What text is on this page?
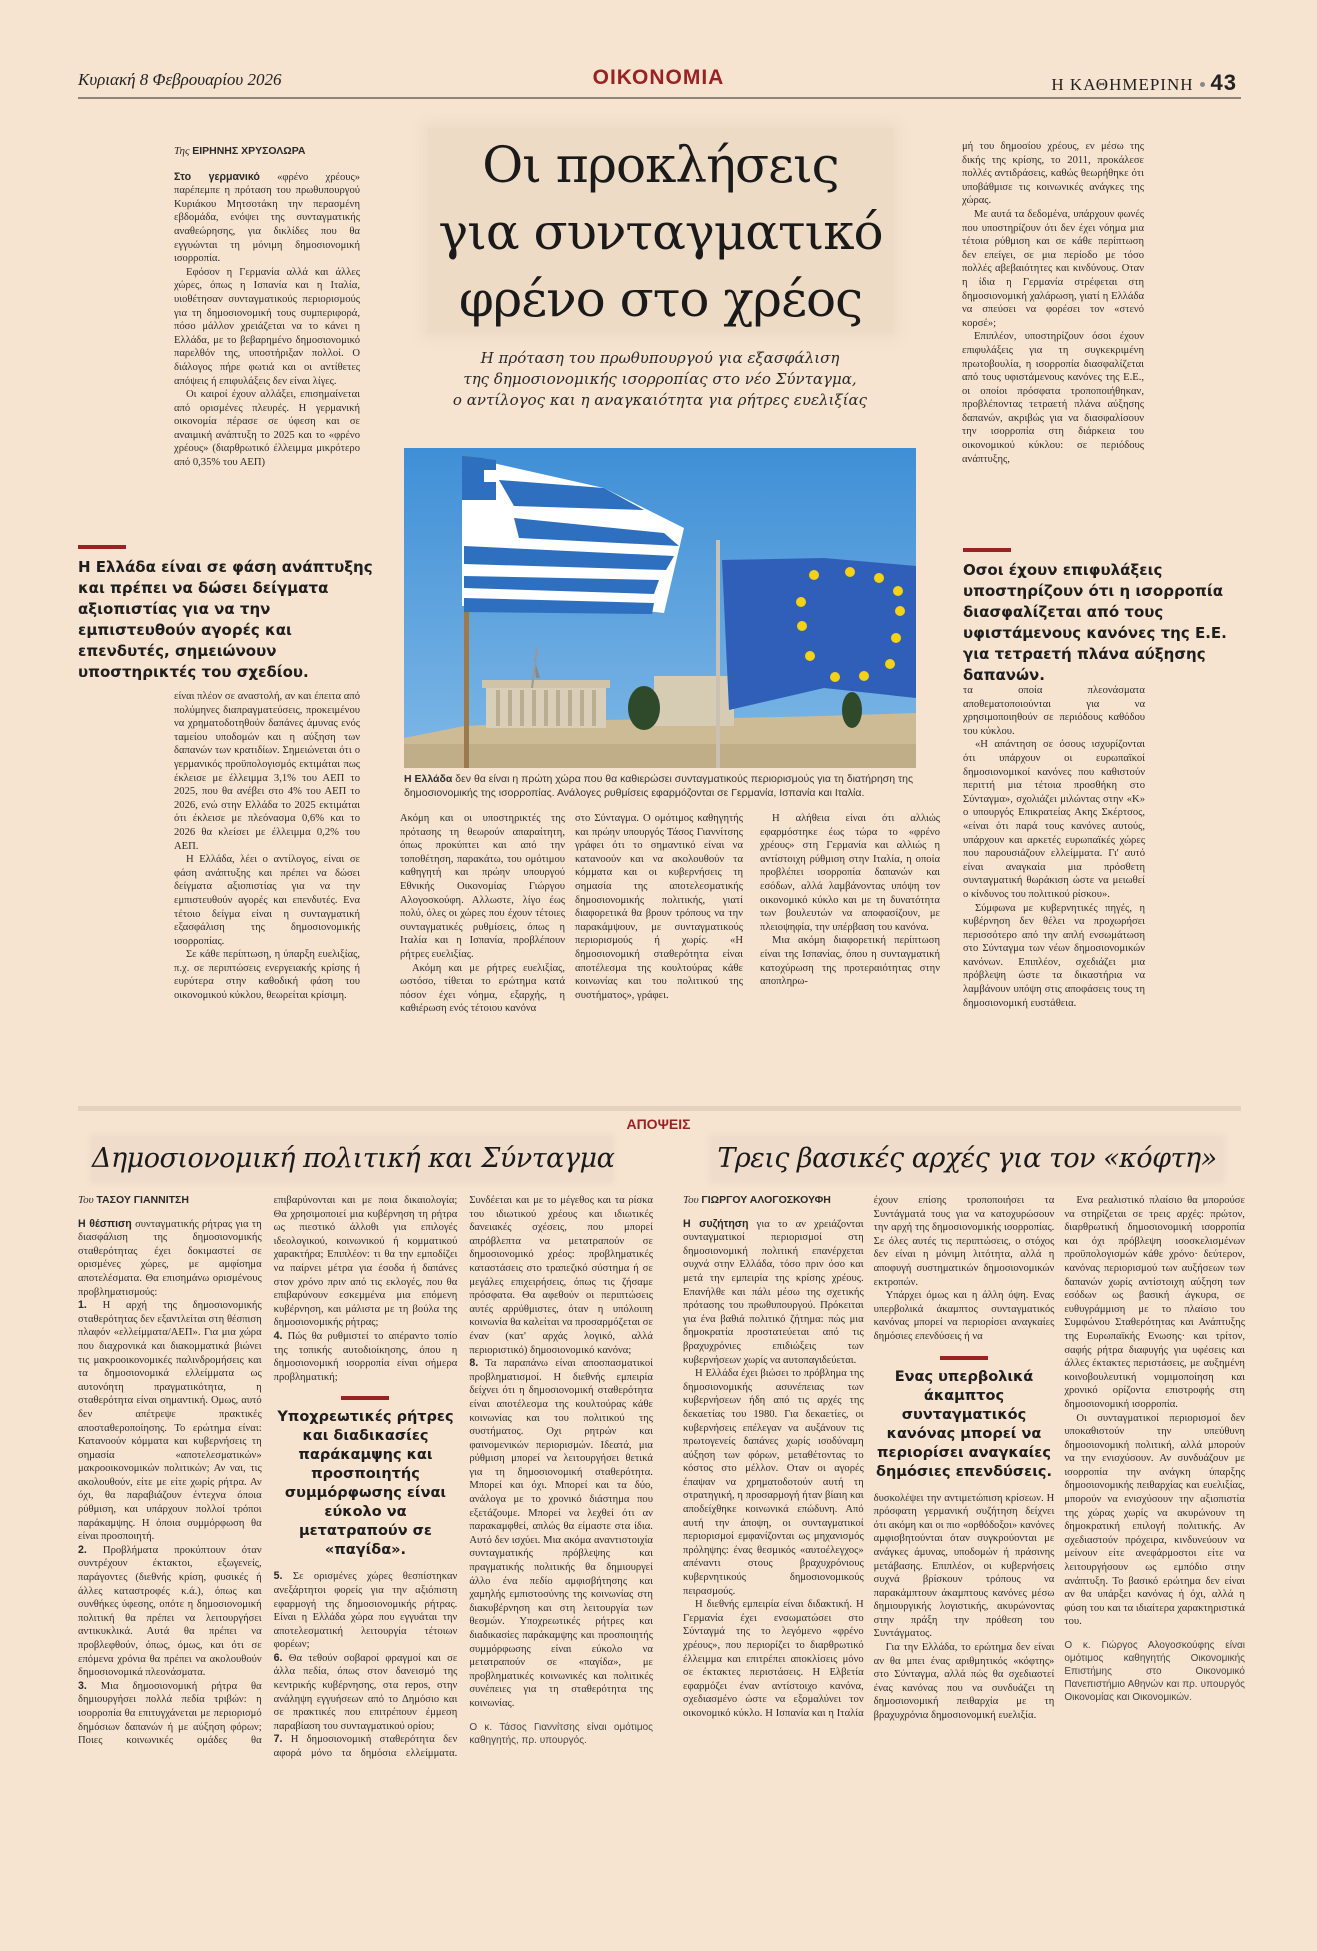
Κυριακή 8 Φεβρουαρίου 2026	ΟΙΚΟΝΟΜΙΑ	Η ΚΑΘΗΜΕΡΙΝΗ 43
Της ΕΙΡΗΝΗΣ ΧΡΥΣΟΛΩΡΑ

Στο γερμανικό «φρένο χρέους» παρέπεμπε η πρόταση του πρωθυπουργού Κυριάκου Μητσοτάκη την περασμένη εβδομάδα, ενόψει της συνταγματικής αναθεώρησης, για δικλίδες που θα εγγυώνται τη μόνιμη δημοσιονομική ισορροπία.

Εφόσον η Γερμανία αλλά και άλλες χώρες, όπως η Ισπανία και η Ιταλία, υιοθέτησαν συνταγματικούς περιορισμούς για τη δημοσιονομική τους συμπεριφορά, πόσο μάλλον χρειάζεται να το κάνει η Ελλάδα, με το βεβαρημένο δημοσιονομικό παρελθόν της, υποστήριξαν πολλοί. Ο διάλογος πήρε φωτιά και οι αντίθετες απόψεις ή επιφυλάξεις δεν είναι λίγες.

Οι καιροί έχουν αλλάξει, επισημαίνεται από ορισμένες πλευρές. Η γερμανική οικονομία πέρασε σε ύφεση και σε αναιμική ανάπτυξη το 2025 και το «φρένο χρέους» (διαρθρωτικό έλλειμμα μικρότερο από 0,35% του ΑΕΠ)

Η Ελλάδα είναι σε φάση ανάπτυξης και πρέπει να δώσει δείγματα αξιοπιστίας για να την εμπιστευθούν αγορές και επενδυτές, σημειώνουν υποστηρικτές του σχεδίου.

είναι πλέον σε αναστολή, αν και έπειτα από πολύμηνες διαπραγματεύσεις, προκειμένου να χρηματοδοτηθούν δαπάνες άμυνας ενός ταμείου υποδομών και η αύξηση των δαπανών των κρατιδίων. Σημειώνεται ότι ο γερμανικός προϋπολογισμός εκτιμάται πως έκλεισε με έλλειμμα 3,1% του ΑΕΠ το 2025, που θα ανέβει στο 4% του ΑΕΠ το 2026, ενώ στην Ελλάδα το 2025 εκτιμάται ότι έκλεισε με πλεόνασμα 0,6% και το 2026 θα κλείσει με έλλειμμα 0,2% του ΑΕΠ.

Η Ελλάδα, λέει ο αντίλογος, είναι σε φάση ανάπτυξης και πρέπει να δώσει δείγματα αξιοπιστίας για να την εμπιστευθούν αγορές και επενδυτές. Ενα τέτοιο δείγμα είναι η συνταγματική εξασφάλιση της δημοσιονομικής ισορροπίας.

Σε κάθε περίπτωση, η ύπαρξη ευελιξίας, π.χ. σε περιπτώσεις ενεργειακής κρίσης ή ευρύτερα στην καθοδική φάση του οικονομικού κύκλου, θεωρείται κρίσιμη.

Οι προκλήσεις
για συνταγματικό
φρένο στο χρέος
Η πρόταση του πρωθυπουργού για εξασφάλιση
της δημοσιονομικής ισορροπίας στο νέο Σύνταγμα,
ο αντίλογος και η αναγκαιότητα για ρήτρες ευελιξίας
Η Ελλάδα δεν θα είναι η πρώτη χώρα που θα καθιερώσει συνταγματικούς περιορισμούς για τη διατήρηση της δημοσιονομικής της ισορροπίας. Ανάλογες ρυθμίσεις εφαρμόζονται σε Γερμανία, Ισπανία και Ιταλία.

Ακόμη και οι υποστηρικτές της πρότασης τη θεωρούν απαραίτητη, όπως προκύπτει και από την τοποθέτηση, παρακάτω, του ομότιμου καθηγητή και πρώην υπουργού Εθνικής Οικονομίας Γιώργου Αλογοσκούφη. Αλλωστε, λίγο έως πολύ, όλες οι χώρες που έχουν τέτοιες συνταγματικές ρυθμίσεις, όπως η Ιταλία και η Ισπανία, προβλέπουν ρήτρες ευελιξίας.

Ακόμη και με ρήτρες ευελιξίας, ωστόσο, τίθεται το ερώτημα κατά πόσον έχει νόημα, εξαρχής, η καθιέρωση ενός τέτοιου κανόνα

στο Σύνταγμα. Ο ομότιμος καθηγητής και πρώην υπουργός Τάσος Γιαννίτσης γράφει ότι το σημαντικό είναι να κατανοούν και να ακολουθούν τα κόμματα και οι κυβερνήσεις τη σημασία της αποτελεσματικής δημοσιονομικής πολιτικής, γιατί διαφορετικά θα βρουν τρόπους να την παρακάμψουν, με συνταγματικούς περιορισμούς ή χωρίς. «Η δημοσιονομική σταθερότητα είναι αποτέλεσμα της κουλτούρας κάθε κοινωνίας και του πολιτικού της συστήματος», γράφει.

Η αλήθεια είναι ότι αλλιώς εφαρμόστηκε έως τώρα το «φρένο χρέους» στη Γερμανία και αλλιώς η αντίστοιχη ρύθμιση στην Ιταλία, η οποία προβλέπει ισορροπία δαπανών και εσόδων, αλλά λαμβάνοντας υπόψη τον οικονομικό κύκλο και με τη δυνατότητα των βουλευτών να αποφασίζουν, με πλειοψηφία, την υπέρβαση του κανόνα.

Μια ακόμη διαφορετική περίπτωση είναι της Ισπανίας, όπου η συνταγματική κατοχύρωση της προτεραιότητας στην αποπληρω-

μή του δημοσίου χρέους, εν μέσω της δικής της κρίσης, το 2011, προκάλεσε πολλές αντιδράσεις, καθώς θεωρήθηκε ότι υποβάθμισε τις κοινωνικές ανάγκες της χώρας.

Με αυτά τα δεδομένα, υπάρχουν φωνές που υποστηρίζουν ότι δεν έχει νόημα μια τέτοια ρύθμιση και σε κάθε περίπτωση δεν επείγει, σε μια περίοδο με τόσο πολλές αβεβαιότητες και κινδύνους. Οταν η ίδια η Γερμανία στρέφεται στη δημοσιονομική χαλάρωση, γιατί η Ελλάδα να σπεύσει να φορέσει τον «στενό κορσέ»;

Επιπλέον, υποστηρίζουν όσοι έχουν επιφυλάξεις για τη συγκεκριμένη πρωτοβουλία, η ισορροπία διασφαλίζεται από τους υφιστάμενους κανόνες της Ε.Ε., οι οποίοι πρόσφατα τροποποιήθηκαν, προβλέποντας τετραετή πλάνα αύξησης δαπανών, ακριβώς για να διασφαλίσουν την ισορροπία στη διάρκεια του οικονομικού κύκλου: σε περιόδους ανάπτυξης,

Οσοι έχουν επιφυλάξεις υποστηρίζουν ότι η ισορροπία διασφαλίζεται από τους υφιστάμενους κανόνες της Ε.Ε. για τετραετή πλάνα αύξησης δαπανών.

τα οποία πλεονάσματα αποθεματοποιούνται για να χρησιμοποιηθούν σε περιόδους καθόδου του κύκλου.

«Η απάντηση σε όσους ισχυρίζονται ότι υπάρχουν οι ευρωπαϊκοί δημοσιονομικοί κανόνες που καθιστούν περιττή μια τέτοια προσθήκη στο Σύνταγμα», σχολιάζει μιλώντας στην «Κ» ο υπουργός Επικρατείας Ακης Σκέρτσος, «είναι ότι παρά τους κανόνες αυτούς, υπάρχουν και αρκετές ευρωπαϊκές χώρες που παρουσιάζουν ελλείμματα. Γι' αυτό είναι αναγκαία μια πρόσθετη συνταγματική θωράκιση ώστε να μειωθεί ο κίνδυνος του πολιτικού ρίσκου».

Σύμφωνα με κυβερνητικές πηγές, η κυβέρνηση δεν θέλει να προχωρήσει περισσότερο από την απλή ενσωμάτωση στο Σύνταγμα των νέων δημοσιονομικών κανόνων. Επιπλέον, σχεδιάζει μια πρόβλεψη ώστε τα δικαστήρια να λαμβάνουν υπόψη στις αποφάσεις τους τη δημοσιονομική ευστάθεια.

ΑΠΟΨΕΙΣ
Δημοσιονομική πολιτική και Σύνταγμα	Τρεις βασικές αρχές για τον «κόφτη»
Του ΤΑΣΟΥ ΓΙΑΝΝΙΤΣΗ

Η θέσπιση συνταγματικής ρήτρας για τη διασφάλιση της δημοσιονομικής σταθερότητας έχει δοκιμαστεί σε ορισμένες χώρες, με αμφίσημα αποτελέσματα. Θα επισημάνω ορισμένους προβληματισμούς:

1. Η αρχή της δημοσιονομικής σταθερότητας δεν εξαντλείται στη θέσπιση πλαφόν «ελλείμματα/ΑΕΠ». Για μια χώρα που διαχρονικά και διακομματικά βιώνει τις μακροοικονομικές παλινδρομήσεις και τα δημοσιονομικά ελλείμματα ως αυτονόητη πραγματικότητα, η σταθερότητα είναι σημαντική. Ομως, αυτό δεν απέτρεψε πρακτικές αποσταθεροποίησης. Το ερώτημα είναι: Κατανοούν κόμματα και κυβερνήσεις τη σημασία «αποτελεσματικών» μακροοικονομικών πολιτικών; Αν ναι, τις ακολουθούν, είτε με είτε χωρίς ρήτρα. Αν όχι, θα παραβιάζουν έντεχνα όποια ρύθμιση, και υπάρχουν πολλοί τρόποι παράκαμψης. Η όποια συμμόρφωση θα είναι προσποιητή.

2. Προβλήματα προκύπτουν όταν συντρέχουν έκτακτοι, εξωγενείς, παράγοντες (διεθνής κρίση, φυσικές ή άλλες καταστροφές κ.ά.), όπως και συνθήκες ύφεσης, οπότε η δημοσιονομική πολιτική θα πρέπει να λειτουργήσει αντικυκλικά. Αυτά θα πρέπει να προβλεφθούν, όπως, όμως, και ότι σε επόμενα χρόνια θα πρέπει να ακολουθούν δημοσιονομικά πλεονάσματα.

3. Μια δημοσιονομική ρήτρα θα δημιουργήσει πολλά πεδία τριβών: η ισορροπία θα επιτυγχάνεται με περιορισμό δημόσιων δαπανών ή με αύξηση φόρων; Ποιες κοινωνικές ομάδες θα επιβαρύνονται και με ποια δικαιολογία; Θα χρησιμοποιεί μια κυβέρνηση τη ρήτρα ως πιεστικό άλλοθι για επιλογές ιδεολογικού, κοινωνικού ή κομματικού χαρακτήρα; Επιπλέον: τι θα την εμποδίζει να παίρνει μέτρα για έσοδα ή δαπάνες στον χρόνο πριν από τις εκλογές, που θα επιβαρύνουν εσκεμμένα μια επόμενη κυβέρνηση, και μάλιστα με τη βούλα της δημοσιονομικής ρήτρας;

4. Πώς θα ρυθμιστεί το απέραντο τοπίο της τοπικής αυτοδιοίκησης, όπου η δημοσιονομική ισορροπία είναι σήμερα προβληματική;

Υποχρεωτικές ρήτρες και διαδικασίες παράκαμψης και προσποιητής συμμόρφωσης είναι εύκολο να μετατραπούν σε «παγίδα».

5. Σε ορισμένες χώρες θεσπίστηκαν ανεξάρτητοι φορείς για την αξιόπιστη εφαρμογή της δημοσιονομικής ρήτρας. Είναι η Ελλάδα χώρα που εγγυάται την αποτελεσματική λειτουργία τέτοιων φορέων;

6. Θα τεθούν σοβαροί φραγμοί και σε άλλα πεδία, όπως στον δανεισμό της κεντρικής κυβέρνησης, στα repos, στην ανάληψη εγγυήσεων από το Δημόσιο και σε πρακτικές που επιτρέπουν έμμεση παραβίαση του συνταγματικού ορίου;

7. Η δημοσιονομική σταθερότητα δεν αφορά μόνο τα δημόσια ελλείμματα. Συνδέεται και με το μέγεθος και τα ρίσκα του ιδιωτικού χρέους και ιδιωτικές δανειακές σχέσεις, που μπορεί απρόβλεπτα να μετατραπούν σε δημοσιονομικό χρέος: προβληματικές καταστάσεις στο τραπεζικό σύστημα ή σε μεγάλες επιχειρήσεις, όπως τις ζήσαμε πρόσφατα. Θα αφεθούν οι περιπτώσεις αυτές αρρύθμιστες, όταν η υπόλοιπη κοινωνία θα καλείται να προσαρμόζεται σε έναν (κατ' αρχάς λογικό, αλλά περιοριστικό) δημοσιονομικό κανόνα;

8. Τα παραπάνω είναι αποσπασματικοί προβληματισμοί. Η διεθνής εμπειρία δείχνει ότι η δημοσιονομική σταθερότητα είναι αποτέλεσμα της κουλτούρας κάθε κοινωνίας και του πολιτικού της συστήματος. Οχι ρητρών και φαινομενικών περιορισμών. Ιδεατά, μια ρύθμιση μπορεί να λειτουργήσει θετικά για τη δημοσιονομική σταθερότητα. Μπορεί και όχι. Μπορεί και τα δύο, ανάλογα με το χρονικό διάστημα που εξετάζουμε. Μπορεί να λεχθεί ότι αν παρακαμφθεί, απλώς θα είμαστε στα ίδια. Αυτό δεν ισχύει. Μια ακόμα αναντιστοιχία συνταγματικής πρόβλεψης και πραγματικής πολιτικής θα δημιουργεί άλλο ένα πεδίο αμφισβήτησης και χαμηλής εμπιστοσύνης της κοινωνίας στη διακυβέρνηση και στη λειτουργία των θεσμών. Υποχρεωτικές ρήτρες και διαδικασίες παράκαμψης και προσποιητής συμμόρφωσης είναι εύκολο να μετατραπούν σε «παγίδα», με προβληματικές κοινωνικές και πολιτικές συνέπειες για τη σταθερότητα της κοινωνίας.

Ο κ. Τάσος Γιαννίτσης είναι ομότιμος καθηγητής, πρ. υπουργός.
Του ΓΙΩΡΓΟΥ ΑΛΟΓΟΣΚΟΥΦΗ

Η συζήτηση για το αν χρειάζονται συνταγματικοί περιορισμοί στη δημοσιονομική πολιτική επανέρχεται συχνά στην Ελλάδα, τόσο πριν όσο και μετά την εμπειρία της κρίσης χρέους. Επανήλθε και πάλι μέσω της σχετικής πρότασης του πρωθυπουργού. Πρόκειται για ένα βαθιά πολιτικό ζήτημα: πώς μια δημοκρατία προστατεύεται από τις βραχυχρόνιες επιδιώξεις των κυβερνήσεων χωρίς να αυτοπαγιδεύεται.

Η Ελλάδα έχει βιώσει το πρόβλημα της δημοσιονομικής ασυνέπειας των κυβερνήσεων ήδη από τις αρχές της δεκαετίας του 1980. Για δεκαετίες, οι κυβερνήσεις επέλεγαν να αυξάνουν τις πρωτογενείς δαπάνες χωρίς ισοδύναμη αύξηση των φόρων, μεταθέτοντας το κόστος στο μέλλον. Οταν οι αγορές έπαψαν να χρηματοδοτούν αυτή τη στρατηγική, η προσαρμογή ήταν βίαιη και αποδείχθηκε κοινωνικά επώδυνη. Από αυτή την άποψη, οι συνταγματικοί περιορισμοί εμφανίζονται ως μηχανισμός πρόληψης: ένας θεσμικός «αυτοέλεγχος» απέναντι στους βραχυχρόνιους κυβερνητικούς δημοσιονομικούς πειρασμούς.

Η διεθνής εμπειρία είναι διδακτική. Η Γερμανία έχει ενσωματώσει στο Σύνταγμά της το λεγόμενο «φρένο χρέους», που περιορίζει το διαρθρωτικό έλλειμμα και επιτρέπει αποκλίσεις μόνο σε έκτακτες περιστάσεις. Η Ελβετία εφαρμόζει έναν αντίστοιχο κανόνα, σχεδιασμένο ώστε να εξομαλύνει τον οικονομικό κύκλο. Η Ισπανία και η Ιταλία έχουν επίσης τροποποιήσει τα Συντάγματά τους για να κατοχυρώσουν την αρχή της δημοσιονομικής ισορροπίας. Σε όλες αυτές τις περιπτώσεις, ο στόχος δεν είναι η μόνιμη λιτότητα, αλλά η αποφυγή συστηματικών δημοσιονομικών εκτροπών.

Υπάρχει όμως και η άλλη όψη. Ενας υπερβολικά άκαμπτος συνταγματικός κανόνας μπορεί να περιορίσει αναγκαίες δημόσιες επενδύσεις ή να

Ενας υπερβολικά άκαμπτος συνταγματικός κανόνας μπορεί να περιορίσει αναγκαίες δημόσιες επενδύσεις.

δυσκολέψει την αντιμετώπιση κρίσεων. Η πρόσφατη γερμανική συζήτηση δείχνει ότι ακόμη και οι πιο «ορθόδοξοι» κανόνες αμφισβητούνται όταν συγκρούονται με ανάγκες άμυνας, υποδομών ή πράσινης μετάβασης. Επιπλέον, οι κυβερνήσεις συχνά βρίσκουν τρόπους να παρακάμπτουν άκαμπτους κανόνες μέσω δημιουργικής λογιστικής, ακυρώνοντας στην πράξη την πρόθεση του Συντάγματος.

Για την Ελλάδα, το ερώτημα δεν είναι αν θα μπει ένας αριθμητικός «κόφτης» στο Σύνταγμα, αλλά πώς θα σχεδιαστεί ένας κανόνας που να συνδυάζει τη δημοσιονομική πειθαρχία με τη βραχυχρόνια δημοσιονομική ευελιξία.

Ενα ρεαλιστικό πλαίσιο θα μπορούσε να στηρίζεται σε τρεις αρχές: πρώτον, διαρθρωτική δημοσιονομική ισορροπία και όχι πρόβλεψη ισοσκελισμένων προϋπολογισμών κάθε χρόνο· δεύτερον, κανόνας περιορισμού των αυξήσεων των δαπανών χωρίς αντίστοιχη αύξηση των εσόδων ως βασική άγκυρα, σε ευθυγράμμιση με το πλαίσιο του Συμφώνου Σταθερότητας και Ανάπτυξης της Ευρωπαϊκής Ενωσης· και τρίτον, σαφής ρήτρα διαφυγής για υφέσεις και άλλες έκτακτες περιστάσεις, με αυξημένη κοινοβουλευτική νομιμοποίηση και χρονικό ορίζοντα επιστροφής στη δημοσιονομική ισορροπία.

Οι συνταγματικοί περιορισμοί δεν υποκαθιστούν την υπεύθυνη δημοσιονομική πολιτική, αλλά μπορούν να την ενισχύσουν. Αν συνδυάζουν με ισορροπία την ανάγκη ύπαρξης δημοσιονομικής πειθαρχίας και ευελιξίας, μπορούν να ενισχύσουν την αξιοπιστία της χώρας χωρίς να ακυρώνουν τη δημοκρατική επιλογή πολιτικής. Αν σχεδιαστούν πρόχειρα, κινδυνεύουν να μείνουν είτε ανεφάρμοστοι είτε να λειτουργήσουν ως εμπόδιο στην ανάπτυξη. Το βασικό ερώτημα δεν είναι αν θα υπάρξει κανόνας ή όχι, αλλά η φύση του και τα ιδιαίτερα χαρακτηριστικά του.

Ο κ. Γιώργος Αλογοσκούφης είναι ομότιμος καθηγητής Οικονομικής Επιστήμης στο Οικονομικό Πανεπιστήμιο Αθηνών και πρ. υπουργός Οικονομίας και Οικονομικών.
